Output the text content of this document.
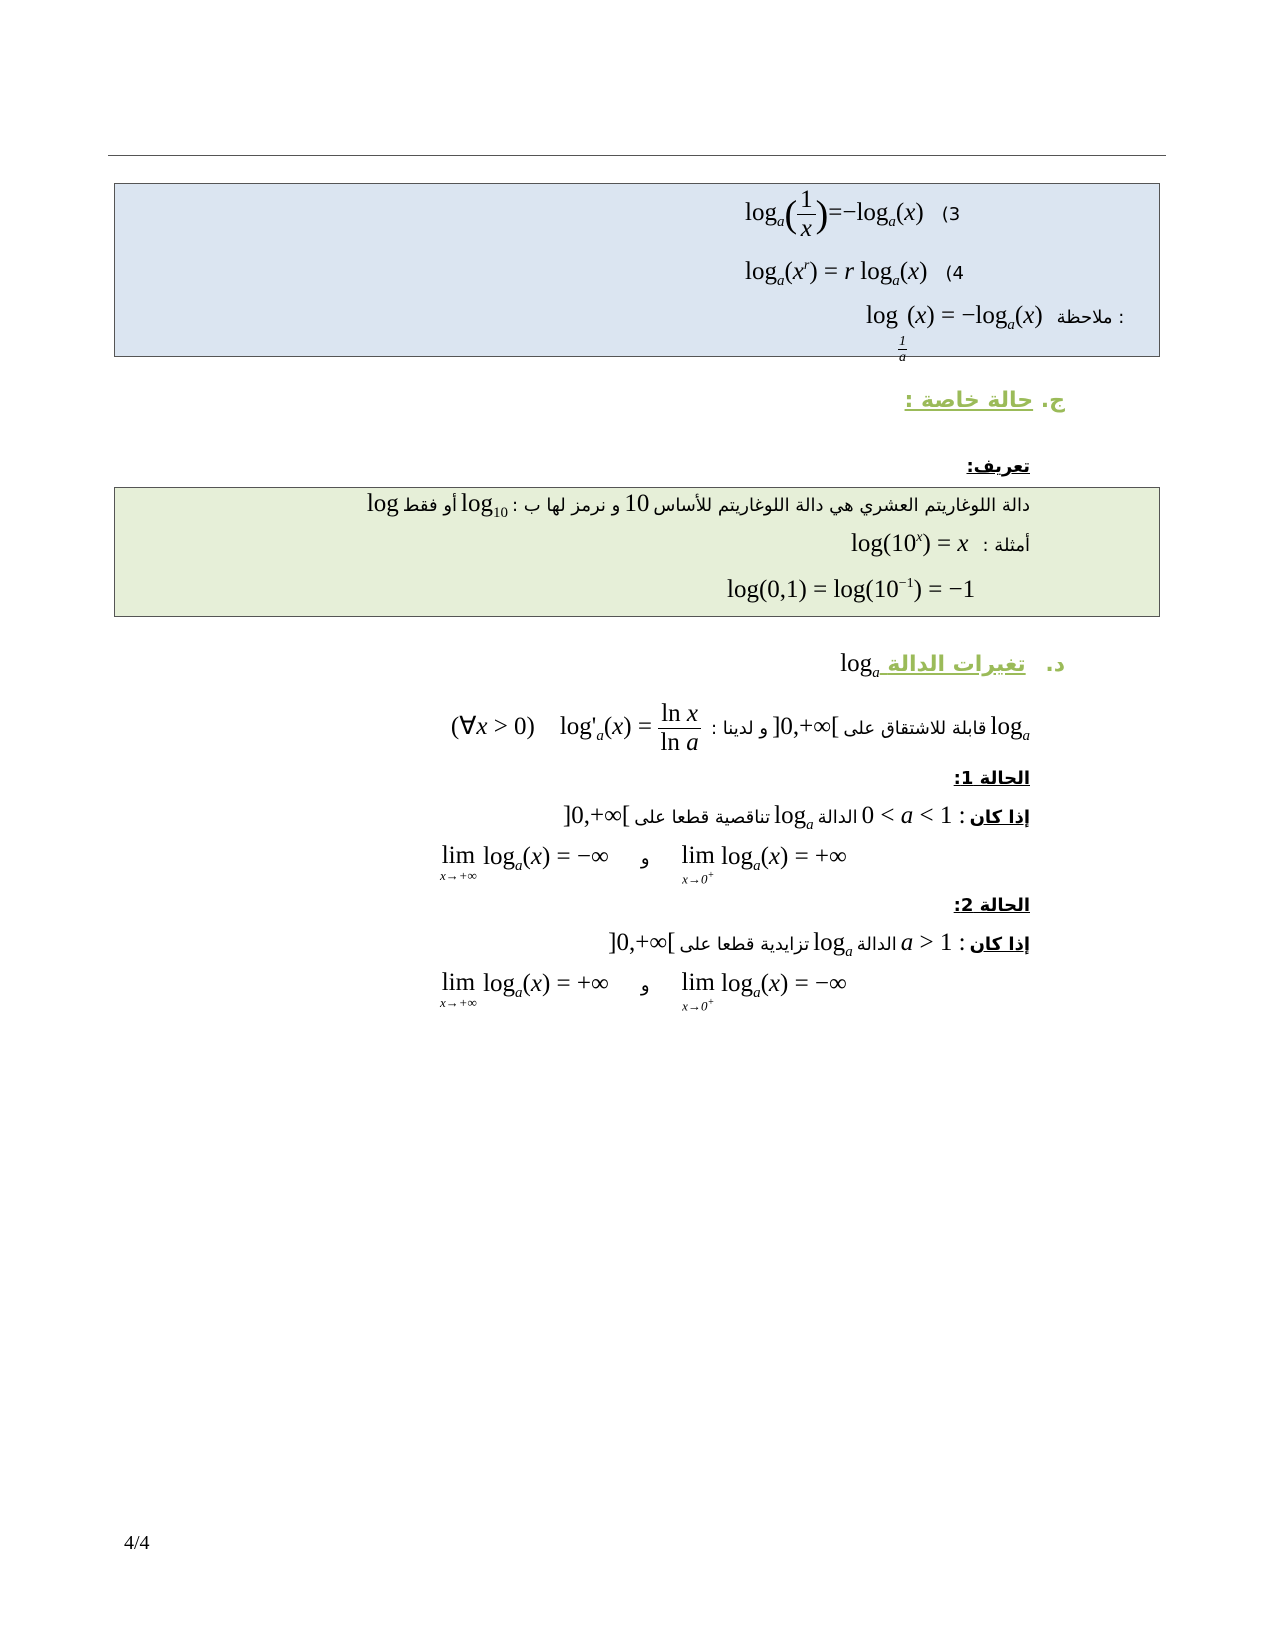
$\log_a( \frac{1}{x} )=-\log_a(x)$ (3
$\log_a(x^r) = r$ $\log_a(x)$ (4
log
$\frac{1}{a}$
$(x) = -\log_a(x)$ ملاحظة :
ج. حالة خاصة :
تعريف:
دالة اللوغاريتم العشري هي دالة اللوغاريتم للأساس 10 و نرمز لها ب : $\log_{10}$ أو فقط log
أمثلة : $\log(10^x) = x$
$\log(0,1) = \log(10^{-1}) = -1$
د. تغيرات الدالة $\log_a$
$\log_a$ قابلة للاشتقاق على ]0,+∞[ و لدينا : (∀x > 0)    $\log'_a(x) = \frac{\text{ln x}}{\text{ln a}}$
الحالة 1:
إذا كان 0 < a < 1 : الدالة $\log_a$ تناقصية قطعا على ]0,+∞[
lim
x→+∞
$\log_a(x)$ = −∞ و lim
x→0+
$\log_a(x)$ = +∞
الحالة 2:
إذا كان a > 1 : الدالة $\log_a$ تزايدية قطعا على ]0,+∞[
lim
x→+∞
$\log_a(x)$ = +∞ و lim
x→0+
$\log_a(x)$ = −∞
4/4
